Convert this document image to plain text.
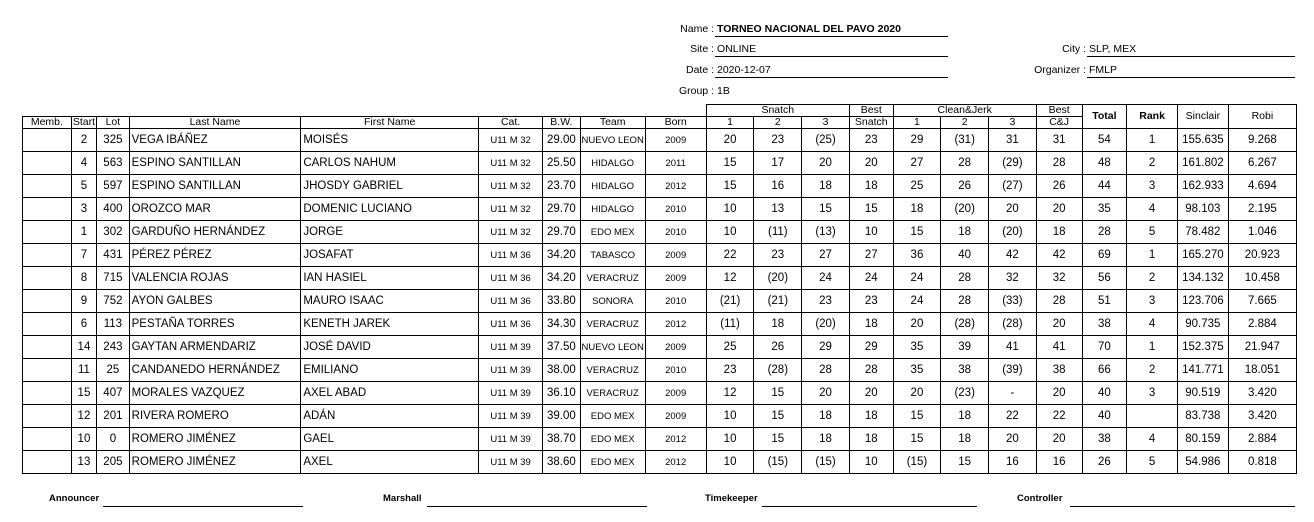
Name : TORNEO NACIONAL DEL PAVO 2020
Site : ONLINE	City : SLP, MEX
Date : 2020-12-07	Organizer : FMLP
Group : 1B
									Snatch			Best	Clean&Jerk			Best	Total	Rank	Sinclair	Robi
Memb.	Start	Lot	Last Name	First Name	Cat.	B.W.	Team	Born	1	2	3	Snatch	1	2	3	C&J				
	2	325	VEGA IBÁÑEZ	MOISÉS	U11 M 32	29.00	NUEVO LEON	2009	20	23	(25)	23	29	(31)	31	31	54	1	155.635	9.268
	4	563	ESPINO SANTILLAN	CARLOS NAHUM	U11 M 32	25.50	HIDALGO	2011	15	17	20	20	27	28	(29)	28	48	2	161.802	6.267
	5	597	ESPINO SANTILLAN	JHOSDY GABRIEL	U11 M 32	23.70	HIDALGO	2012	15	16	18	18	25	26	(27)	26	44	3	162.933	4.694
	3	400	OROZCO MAR	DOMENIC LUCIANO	U11 M 32	29.70	HIDALGO	2010	10	13	15	15	18	(20)	20	20	35	4	98.103	2.195
	1	302	GARDUÑO HERNÁNDEZ	JORGE	U11 M 32	29.70	EDO MEX	2010	10	(11)	(13)	10	15	18	(20)	18	28	5	78.482	1.046
	7	431	PÉREZ PÉREZ	JOSAFAT	U11 M 36	34.20	TABASCO	2009	22	23	27	27	36	40	42	42	69	1	165.270	20.923
	8	715	VALENCIA ROJAS	IAN HASIEL	U11 M 36	34.20	VERACRUZ	2009	12	(20)	24	24	24	28	32	32	56	2	134.132	10.458
	9	752	AYON GALBES	MAURO ISAAC	U11 M 36	33.80	SONORA	2010	(21)	(21)	23	23	24	28	(33)	28	51	3	123.706	7.665
	6	113	PESTAÑA TORRES	KENETH JAREK	U11 M 36	34.30	VERACRUZ	2012	(11)	18	(20)	18	20	(28)	(28)	20	38	4	90.735	2.884
	14	243	GAYTAN ARMENDARIZ	JOSÉ DAVID	U11 M 39	37.50	NUEVO LEON	2009	25	26	29	29	35	39	41	41	70	1	152.375	21.947
	11	25	CANDANEDO HERNÁNDEZ	EMILIANO	U11 M 39	38.00	VERACRUZ	2010	23	(28)	28	28	35	38	(39)	38	66	2	141.771	18.051
	15	407	MORALES VAZQUEZ	AXEL ABAD	U11 M 39	36.10	VERACRUZ	2009	12	15	20	20	20	(23)	-	20	40	3	90.519	3.420
	12	201	RIVERA ROMERO	ADÁN	U11 M 39	39.00	EDO MEX	2009	10	15	18	18	15	18	22	22	40		83.738	3.420
	10	0	ROMERO JIMÉNEZ	GAEL	U11 M 39	38.70	EDO MEX	2012	10	15	18	18	15	18	20	20	38	4	80.159	2.884
	13	205	ROMERO JIMÉNEZ	AXEL	U11 M 39	38.60	EDO MEX	2012	10	(15)	(15)	10	(15)	15	16	16	26	5	54.986	0.818
Announcer	Marshall	Timekeeper	Controller
